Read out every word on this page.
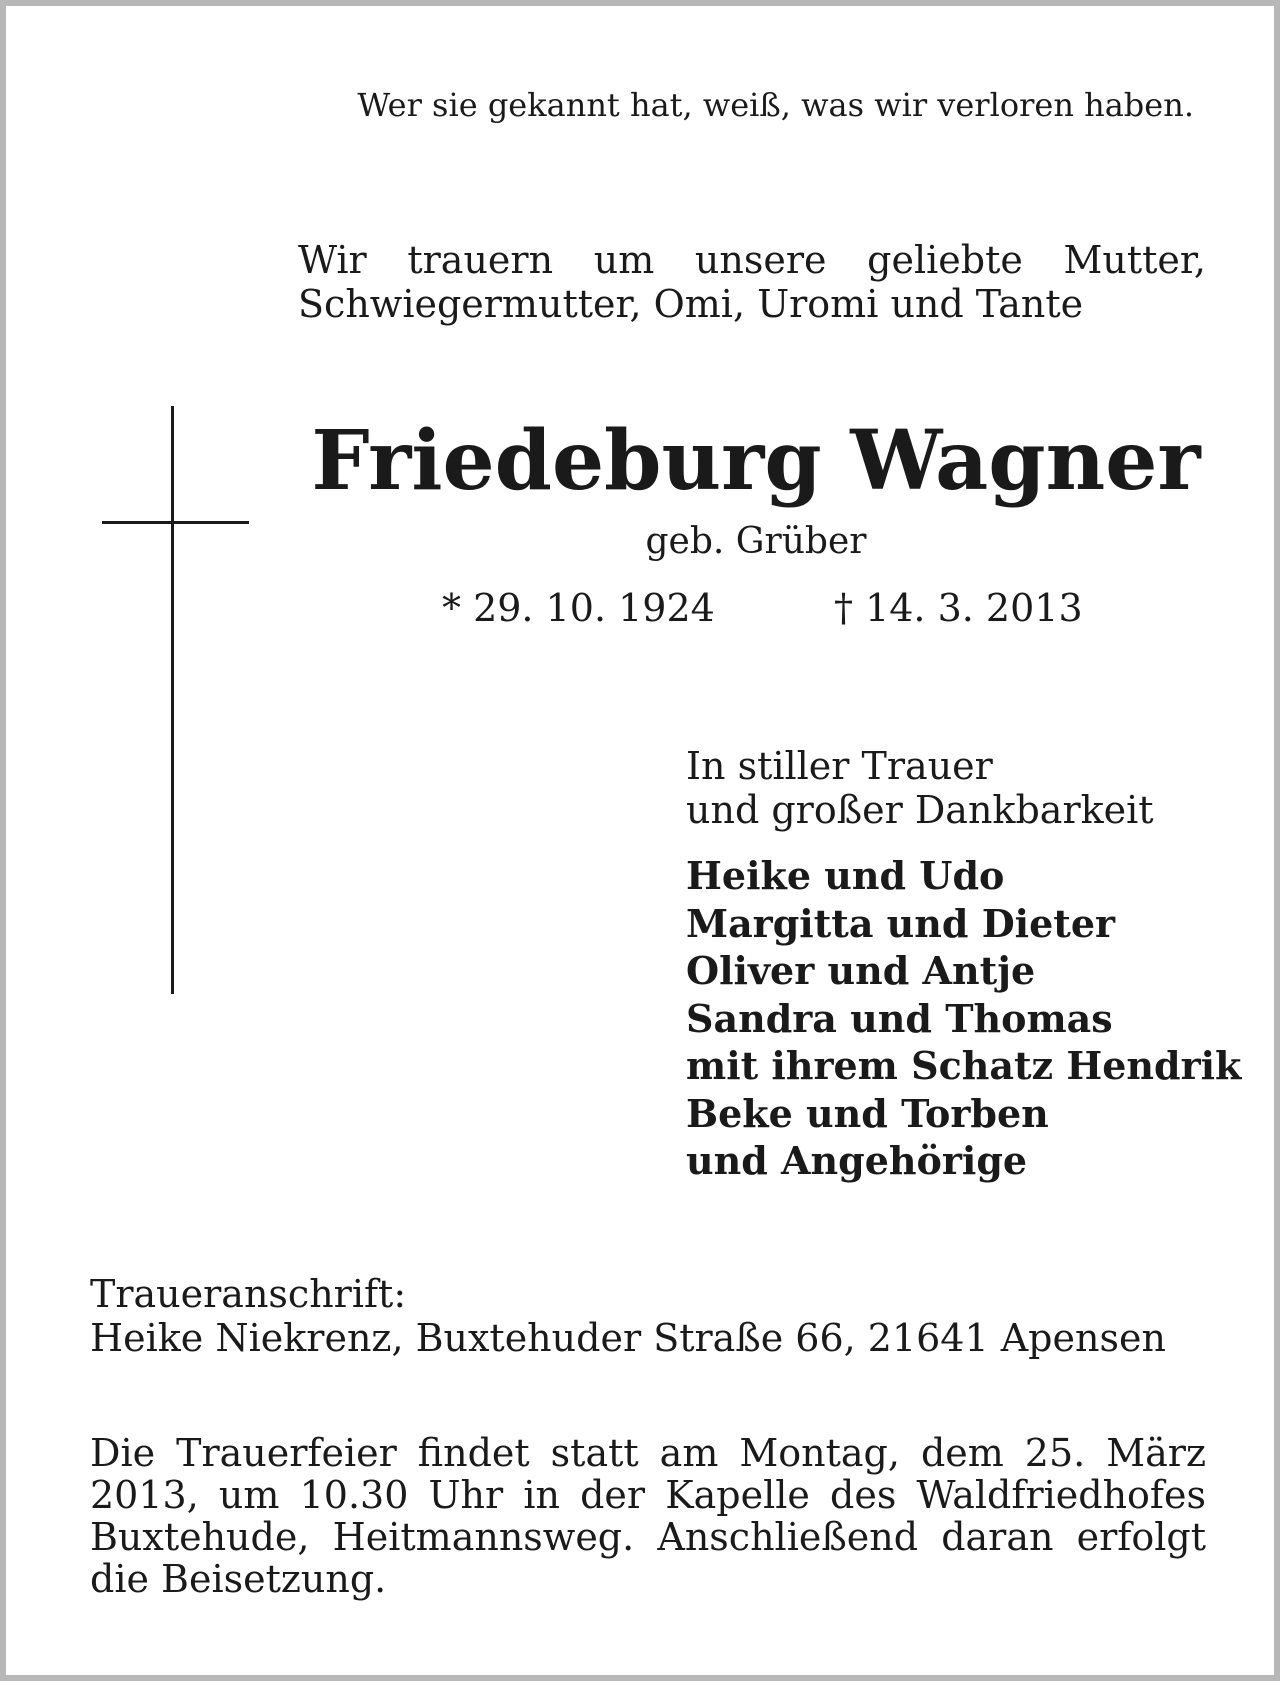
Wer sie gekannt hat, weiß, was wir verloren haben.
Wir trauern um unsere geliebte Mutter, Schwiegermutter, Omi, Uromi und Tante
Friedeburg Wagner
geb. Grüber
* 29. 10. 1924	† 14. 3. 2013
In stiller Trauer
und großer Dankbarkeit
Heike und Udo
Margitta und Dieter
Oliver und Antje
Sandra und Thomas
mit ihrem Schatz Hendrik
Beke und Torben
und Angehörige
Traueranschrift:
Heike Niekrenz, Buxtehuder Straße 66, 21641 Apensen
Die Trauerfeier findet statt am Montag, dem 25. März 2013, um 10.30 Uhr in der Kapelle des Waldfriedhofes Buxtehude, Heitmannsweg. Anschließend daran erfolgt die Beisetzung.
